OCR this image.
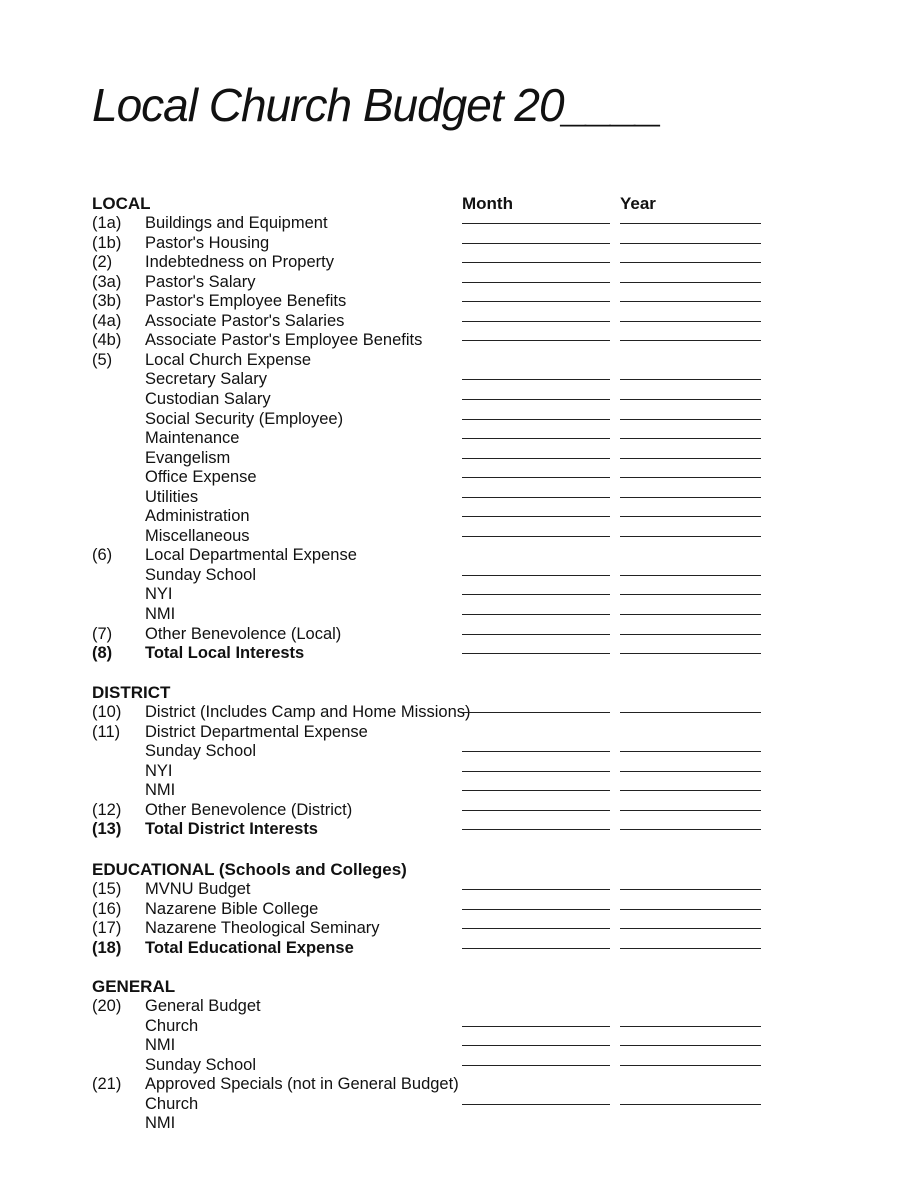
Local Church Budget 20____
Month	Year
LOCAL
(1a) Buildings and Equipment
(1b) Pastor's Housing
(2) Indebtedness on Property
(3a) Pastor's Salary
(3b) Pastor's Employee Benefits
(4a) Associate Pastor's Salaries
(4b) Associate Pastor's Employee Benefits
(5) Local Church Expense
Secretary Salary
Custodian Salary
Social Security (Employee)
Maintenance
Evangelism
Office Expense
Utilities
Administration
Miscellaneous
(6) Local Departmental Expense
Sunday School
NYI
NMI
(7) Other Benevolence (Local)
(8) Total Local Interests
DISTRICT
(10) District (Includes Camp and Home Missions)
(11) District Departmental Expense
Sunday School
NYI
NMI
(12) Other Benevolence (District)
(13) Total District Interests
EDUCATIONAL (Schools and Colleges)
(15) MVNU Budget
(16) Nazarene Bible College
(17) Nazarene Theological Seminary
(18) Total Educational Expense
GENERAL
(20) General Budget
Church
NMI
Sunday School
(21) Approved Specials (not in General Budget)
Church
NMI
